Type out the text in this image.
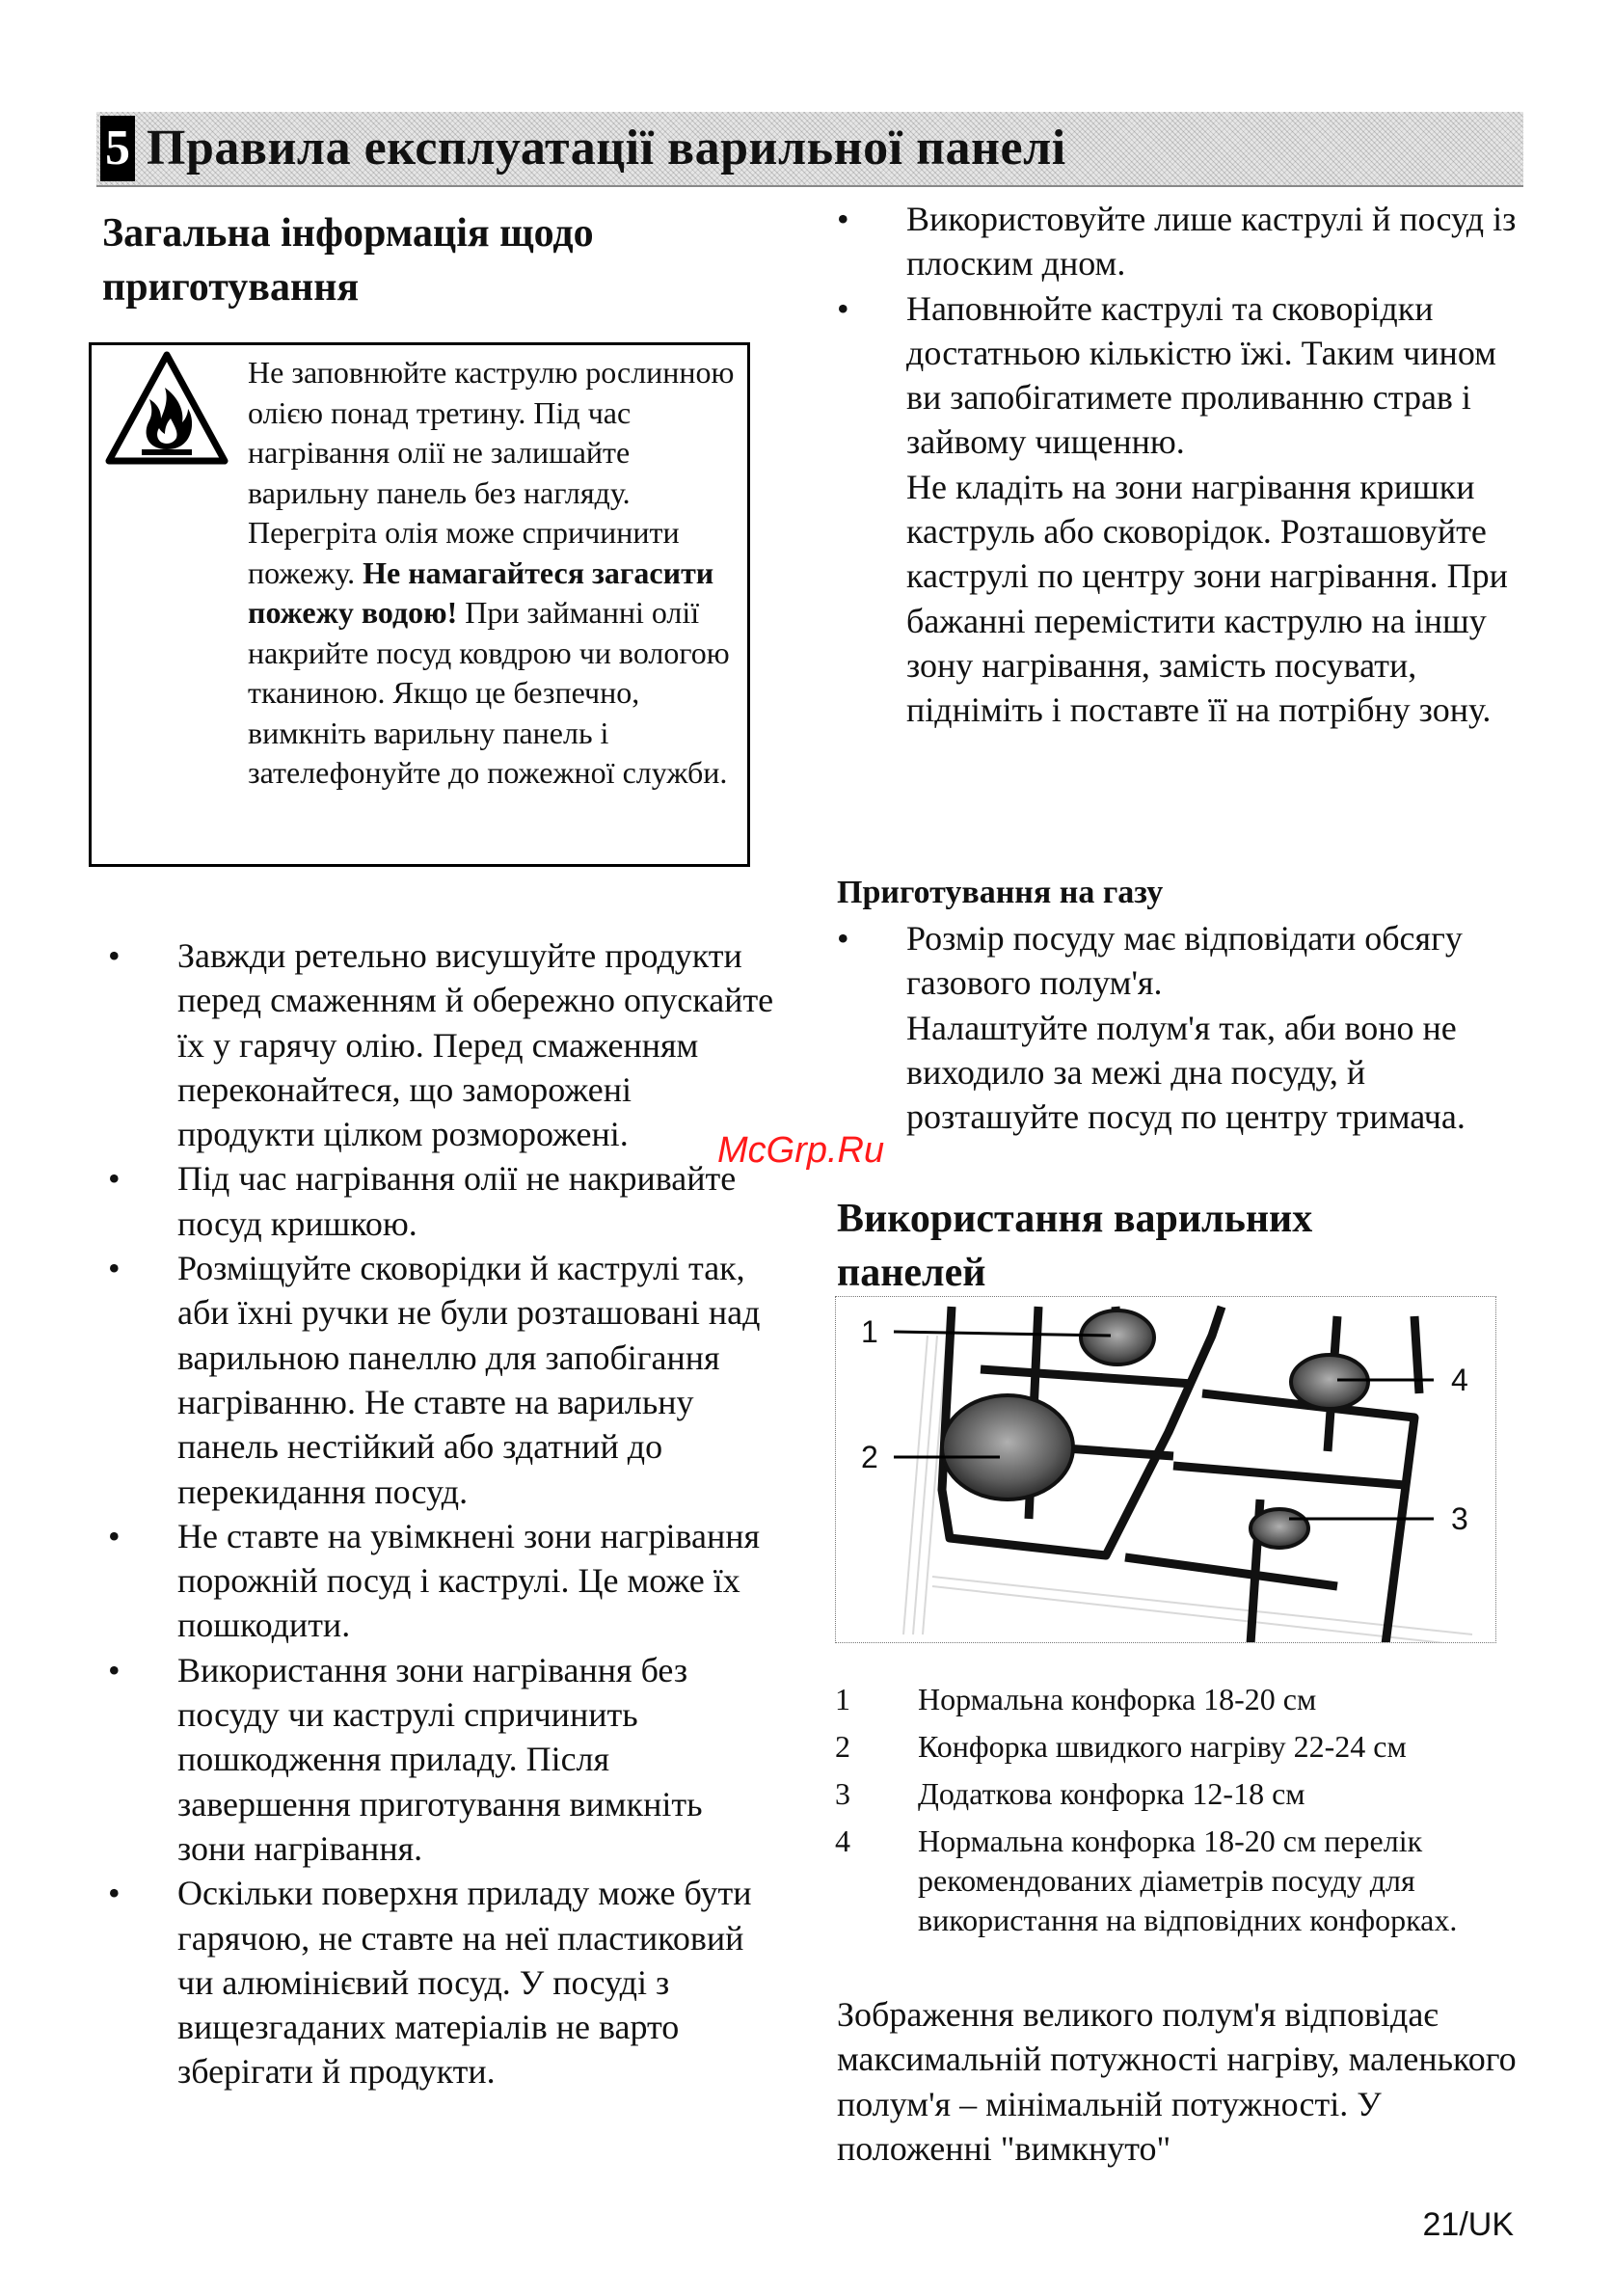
5 Правила експлуатації варильної панелі
Загальна інформація щодо
приготування
Не заповнюйте каструлю рослинною олією понад третину. Під час нагрівання олії не залишайте варильну панель без нагляду. Перегріта олія може спричинити пожежу. Не намагайтеся загасити пожежу водою! При займанні олії накрийте посуд ковдрою чи вологою тканиною. Якщо це безпечно, вимкніть варильну панель і зателефонуйте до пожежної служби.
• Завжди ретельно висушуйте продукти перед смаженням й обережно опускайте їх у гарячу олію. Перед смаженням переконайтеся, що заморожені продукти цілком розморожені.
• Під час нагрівання олії не накривайте посуд кришкою.
• Розміщуйте сковорідки й каструлі так, аби їхні ручки не були розташовані над варильною панеллю для запобігання нагріванню. Не ставте на варильну панель нестійкий або здатний до перекидання посуд.
• Не ставте на увімкнені зони нагрівання порожній посуд і каструлі. Це може їх пошкодити.
• Використання зони нагрівання без посуду чи каструлі спричинить пошкодження приладу. Після завершення приготування вимкніть зони нагрівання.
• Оскільки поверхня приладу може бути гарячою, не ставте на неї пластиковий чи алюмінієвий посуд. У посуді з вищезгаданих матеріалів не варто зберігати й продукти.
• Використовуйте лише каструлі й посуд із плоским дном.
• Наповнюйте каструлі та сковорідки достатньою кількістю їжі. Таким чином ви запобігатимете проливанню страв і зайвому чищенню.
Не кладіть на зони нагрівання кришки каструль або сковорідок. Розташовуйте каструлі по центру зони нагрівання. При бажанні перемістити каструлю на іншу зону нагрівання, замість посувати, підніміть і поставте її на потрібну зону.
Приготування на газу
• Розмір посуду має відповідати обсягу газового полум'я.
Налаштуйте полум'я так, аби воно не виходило за межі дна посуду, й розташуйте посуд по центру тримача.
Використання варильних
панелей
1
2
3
4
1 Нормальна конфорка 18-20 см
2 Конфорка швидкого нагріву 22-24 см
3 Додаткова конфорка 12-18 см
4 Нормальна конфорка 18-20 см перелік рекомендованих діаметрів посуду для використання на відповідних конфорках.

Зображення великого полум'я відповідає максимальній потужності нагріву, маленького полум'я – мінімальній потужності. У положенні "вимкнуто"

McGrp.Ru
21/UK
